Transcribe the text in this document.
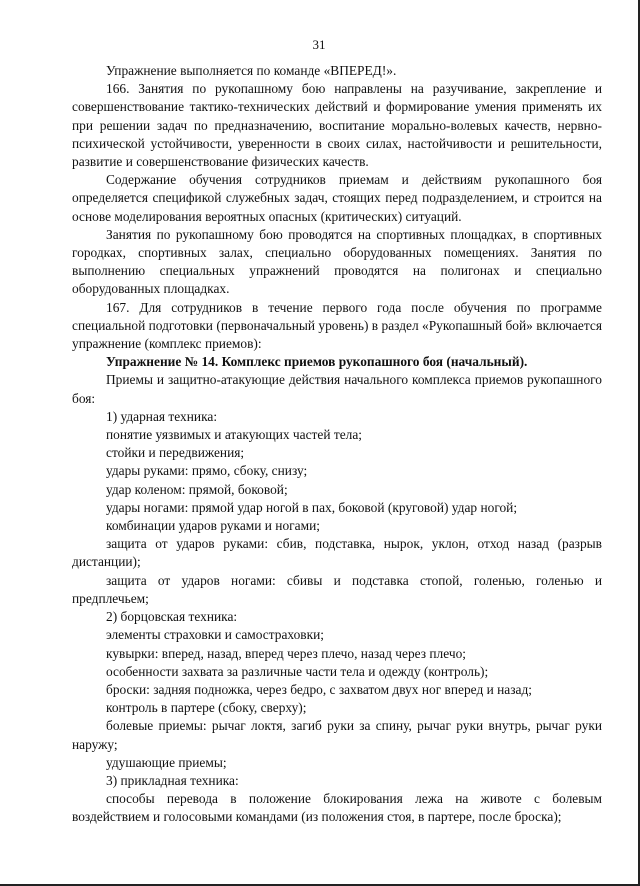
31

Упражнение выполняется по команде «ВПЕРЕД!».

166. Занятия по рукопашному бою направлены на разучивание, закрепление и совершенствование тактико-технических действий и формирование умения применять их при решении задач по предназначению, воспитание морально-волевых качеств, нервно-психической устойчивости, уверенности в своих силах, настойчивости и решительности, развитие и совершенствование физических качеств.

Содержание обучения сотрудников приемам и действиям рукопашного боя определяется спецификой служебных задач, стоящих перед подразделением, и строится на основе моделирования вероятных опасных (критических) ситуаций.

Занятия по рукопашному бою проводятся на спортивных площадках, в спортивных городках, спортивных залах, специально оборудованных помещениях. Занятия по выполнению специальных упражнений проводятся на полигонах и специально оборудованных площадках.

167. Для сотрудников в течение первого года после обучения по программе специальной подготовки (первоначальный уровень) в раздел «Рукопашный бой» включается упражнение (комплекс приемов):

Упражнение № 14. Комплекс приемов рукопашного боя (начальный).

Приемы и защитно-атакующие действия начального комплекса приемов рукопашного боя:

1) ударная техника:

понятие уязвимых и атакующих частей тела;

стойки и передвижения;

удары руками: прямо, сбоку, снизу;

удар коленом: прямой, боковой;

удары ногами: прямой удар ногой в пах, боковой (круговой) удар ногой;

комбинации ударов руками и ногами;

защита от ударов руками: сбив, подставка, нырок, уклон, отход назад (разрыв дистанции);

защита от ударов ногами: сбивы и подставка стопой, голенью, голенью и предплечьем;

2) борцовская техника:

элементы страховки и самостраховки;

кувырки: вперед, назад, вперед через плечо, назад через плечо;

особенности захвата за различные части тела и одежду (контроль);

броски: задняя подножка, через бедро, с захватом двух ног вперед и назад;

контроль в партере (сбоку, сверху);

болевые приемы: рычаг локтя, загиб руки за спину, рычаг руки внутрь, рычаг руки наружу;

удушающие приемы;

3) прикладная техника:

способы перевода в положение блокирования лежа на животе с болевым воздействием и голосовыми командами (из положения стоя, в партере, после броска);
